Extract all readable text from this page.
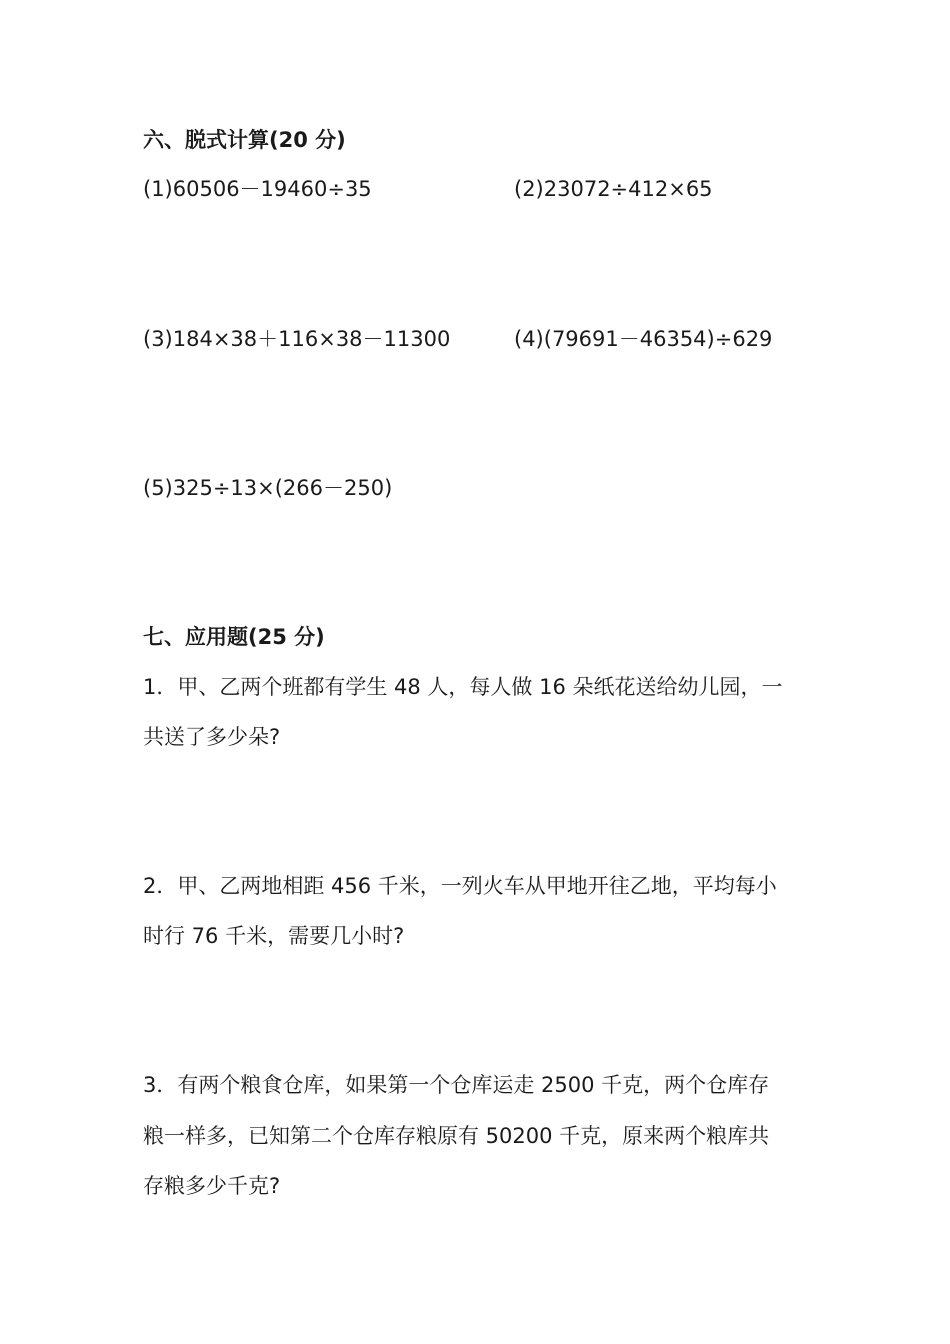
六、脱式计算(20 分)
(1)60506－19460÷35	(2)23072÷412×65
(3)184×38＋116×38－11300	(4)(79691－46354)÷629
(5)325÷13×(266－250)
七、应用题(25 分)
1．甲、乙两个班都有学生 48 人，每人做 16 朵纸花送给幼儿园，一
共送了多少朵?
2．甲、乙两地相距 456 千米，一列火车从甲地开往乙地，平均每小
时行 76 千米，需要几小时?
3．有两个粮食仓库，如果第一个仓库运走 2500 千克，两个仓库存
粮一样多，已知第二个仓库存粮原有 50200 千克，原来两个粮库共
存粮多少千克?
